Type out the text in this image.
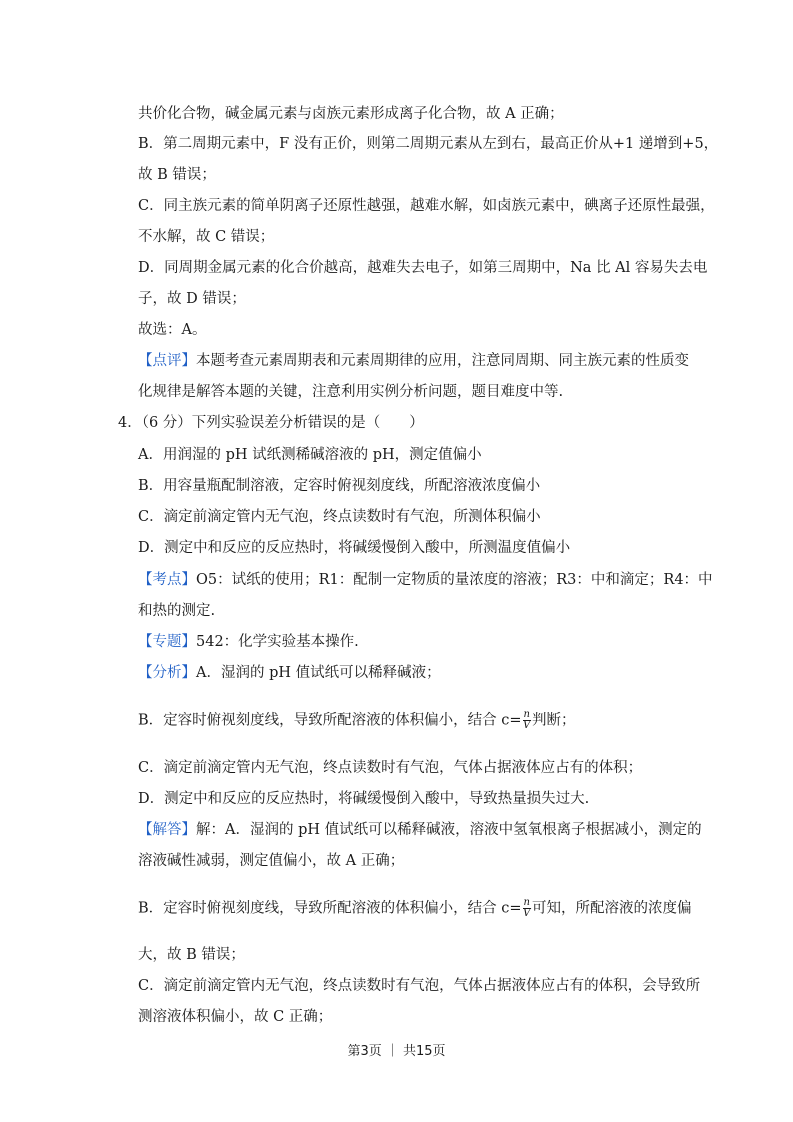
共价化合物，碱金属元素与卤族元素形成离子化合物，故 A 正确；
B．第二周期元素中，F 没有正价，则第二周期元素从左到右，最高正价从+1 递增到+5，
故 B 错误；
C．同主族元素的简单阴离子还原性越强，越难水解，如卤族元素中，碘离子还原性最强，
不水解，故 C 错误；
D．同周期金属元素的化合价越高，越难失去电子，如第三周期中，Na 比 Al 容易失去电
子，故 D 错误；
故选：A。
【点评】本题考查元素周期表和元素周期律的应用，注意同周期、同主族元素的性质变
化规律是解答本题的关键，注意利用实例分析问题，题目难度中等.
4．（6 分）下列实验误差分析错误的是（　　）
A．用润湿的 pH 试纸测稀碱溶液的 pH，测定值偏小
B．用容量瓶配制溶液，定容时俯视刻度线，所配溶液浓度偏小
C．滴定前滴定管内无气泡，终点读数时有气泡，所测体积偏小
D．测定中和反应的反应热时，将碱缓慢倒入酸中，所测温度值偏小
【考点】O5：试纸的使用；R1：配制一定物质的量浓度的溶液；R3：中和滴定；R4：中
和热的测定.
【专题】542：化学实验基本操作.
【分析】A．湿润的 pH 值试纸可以稀释碱液；
B．定容时俯视刻度线，导致所配溶液的体积偏小，结合 $c= \frac{n}{V}$ 判断；
C．滴定前滴定管内无气泡，终点读数时有气泡，气体占据液体应占有的体积；
D．测定中和反应的反应热时，将碱缓慢倒入酸中，导致热量损失过大.
【解答】解：A．湿润的 pH 值试纸可以稀释碱液，溶液中氢氧根离子根据减小，测定的
溶液碱性减弱，测定值偏小，故 A 正确；
B．定容时俯视刻度线，导致所配溶液的体积偏小，结合 $c= \frac{n}{V}$ 可知，所配溶液的浓度偏
大，故 B 错误；
C．滴定前滴定管内无气泡，终点读数时有气泡，气体占据液体应占有的体积，会导致所
测溶液体积偏小，故 C 正确；
第3页 ｜ 共15页
